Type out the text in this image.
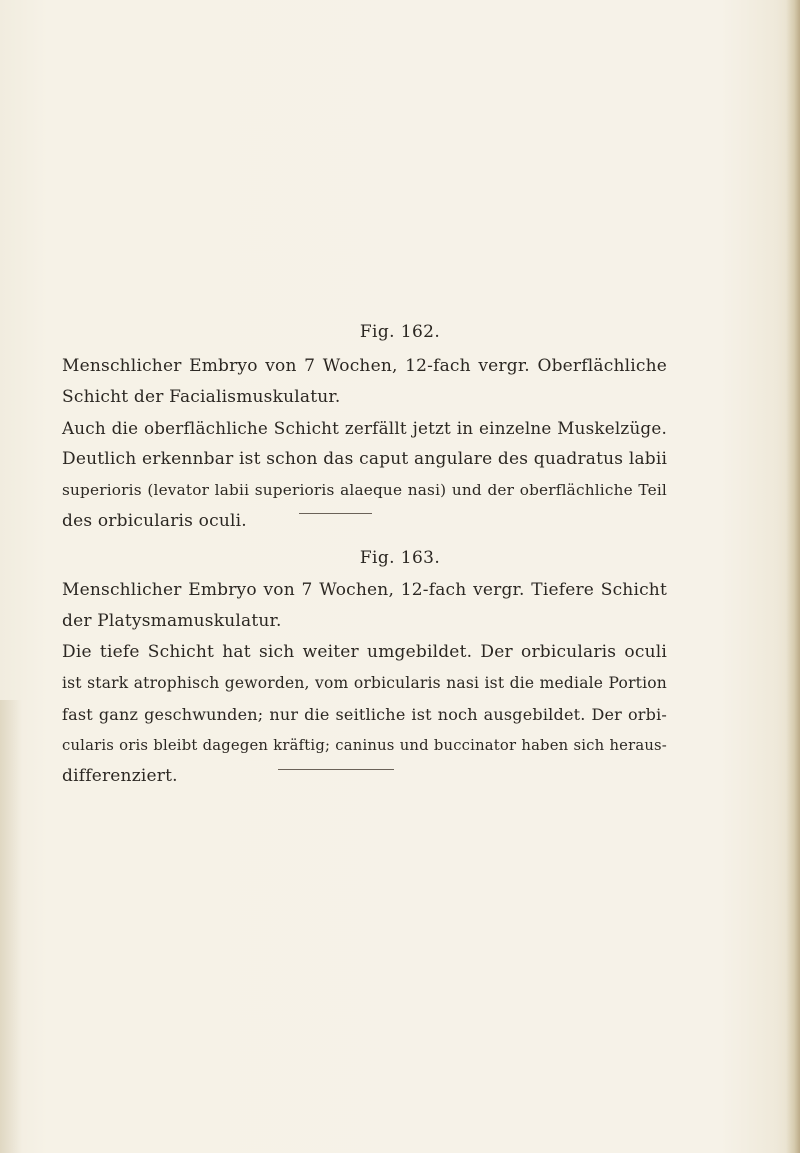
Fig. 162.
Menschlicher Embryo von 7 Wochen, 12-fach vergr. Oberflächliche
Schicht der Facialismuskulatur.
Auch die oberflächliche Schicht zerfällt jetzt in einzelne Muskelzüge.
Deutlich erkennbar ist schon das caput angulare des quadratus labii
superioris (levator labii superioris alaeque nasi) und der oberflächliche Teil
des orbicularis oculi.
Fig. 163.
Menschlicher Embryo von 7 Wochen, 12-fach vergr. Tiefere Schicht
der Platysmamuskulatur.
Die tiefe Schicht hat sich weiter umgebildet. Der orbicularis oculi
ist stark atrophisch geworden, vom orbicularis nasi ist die mediale Portion
fast ganz geschwunden; nur die seitliche ist noch ausgebildet. Der orbi-
cularis oris bleibt dagegen kräftig; caninus und buccinator haben sich heraus-
differenziert.
